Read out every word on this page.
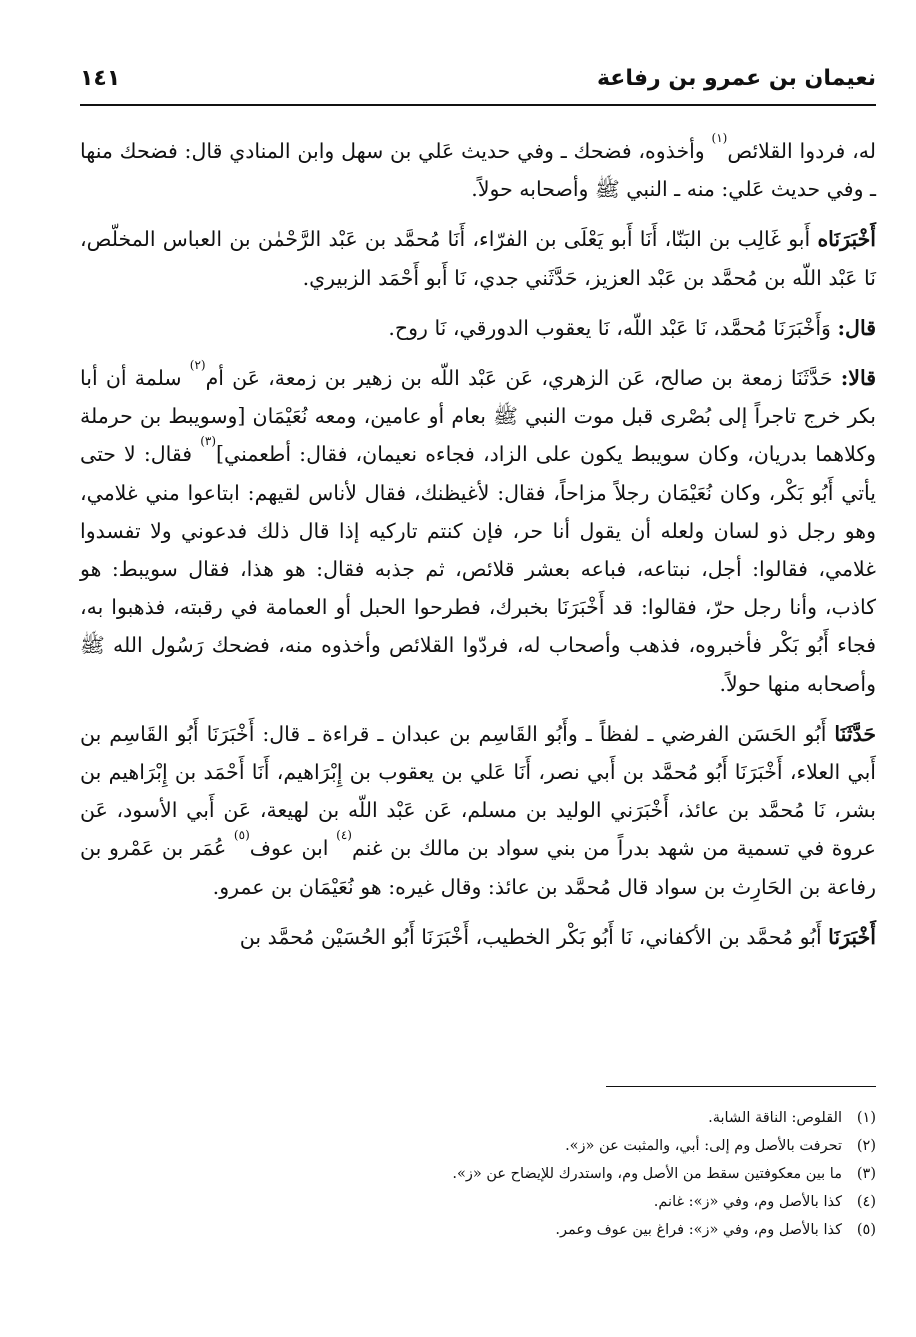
نعيمان بن عمرو بن رفاعة
١٤١

له، فردوا القلائص$^{(١)}$ وأخذوه، فضحك ـ وفي حديث عَلي بن سهل وابن المنادي قال: فضحك منها ـ وفي حديث عَلي: منه ـ النبي ﷺ وأصحابه حولاً.

أَخْبَرَنَاه أَبو غَالِب بن البَنّا، أَنَا أَبو يَعْلَى بن الفرّاء، أَنَا مُحمَّد بن عَبْد الرَّحْمٰن بن العباس المخلّص، نَا عَبْد اللّه بن مُحمَّد بن عَبْد العزيز، حَدَّثَني جدي، نَا أَبو أَحْمَد الزبيري.

قال: وَأَخْبَرَنَا مُحمَّد، نَا عَبْد اللّه، نَا يعقوب الدورقي، نَا روح.

قالا: حَدَّثَنَا زمعة بن صالح، عَن الزهري، عَن عَبْد اللّه بن زهير بن زمعة، عَن أم$^{(٢)}$ سلمة أن أبا بكر خرج تاجراً إلى بُصْرى قبل موت النبي ﷺ بعام أو عامين، ومعه نُعَيْمَان [وسويبط بن حرملة وكلاهما بدريان، وكان سويبط يكون على الزاد، فجاءه نعيمان، فقال: أطعمني]$^{(٣)}$ فقال: لا حتى يأتي أَبُو بَكْر، وكان نُعَيْمَان رجلاً مزاحاً، فقال: لأغيظنك، فقال لأناس لقيهم: ابتاعوا مني غلامي، وهو رجل ذو لسان ولعله أن يقول أنا حر، فإن كنتم تاركيه إذا قال ذلك فدعوني ولا تفسدوا غلامي، فقالوا: أجل، نبتاعه، فباعه بعشر قلائص، ثم جذبه فقال: هو هذا، فقال سويبط: هو كاذب، وأنا رجل حرّ، فقالوا: قد أَخْبَرَنَا بخبرك، فطرحوا الحبل أو العمامة في رقبته، فذهبوا به، فجاء أَبُو بَكْر فأخبروه، فذهب وأصحاب له، فردّوا القلائص وأخذوه منه، فضحك رَسُول الله ﷺ وأصحابه منها حولاً.

حَدَّثَنَا أَبُو الحَسَن الفرضي ـ لفظاً ـ وأَبُو القَاسِم بن عبدان ـ قراءة ـ قال: أَخْبَرَنَا أَبُو القَاسِم بن أَبي العلاء، أَخْبَرَنَا أَبُو مُحمَّد بن أَبي نصر، أَنَا عَلي بن يعقوب بن إِبْرَاهيم، أَنَا أَحْمَد بن إِبْرَاهيم بن بشر، نَا مُحمَّد بن عائذ، أَخْبَرَني الوليد بن مسلم، عَن عَبْد اللّه بن لهيعة، عَن أَبي الأسود، عَن عروة في تسمية من شهد بدراً من بني سواد بن مالك بن غنم$^{(٤)}$ ابن عوف$^{(٥)}$ عُمَر بن عَمْرو بن رفاعة بن الحَارِث بن سواد قال مُحمَّد بن عائذ: وقال غيره: هو نُعَيْمَان بن عمرو.

أَخْبَرَنَا أَبُو مُحمَّد بن الأكفاني، نَا أَبُو بَكْر الخطيب، أَخْبَرَنَا أَبُو الحُسَيْن مُحمَّد بن

(١)
القلوص: الناقة الشابة.
(٢)
تحرفت بالأصل وم إلى: أبي، والمثبت عن «ز».
(٣)
ما بين معكوفتين سقط من الأصل وم، واستدرك للإيضاح عن «ز».
(٤)
كذا بالأصل وم، وفي «ز»: غانم.
(٥)
كذا بالأصل وم، وفي «ز»: فراغ بين عوف وعمر.
